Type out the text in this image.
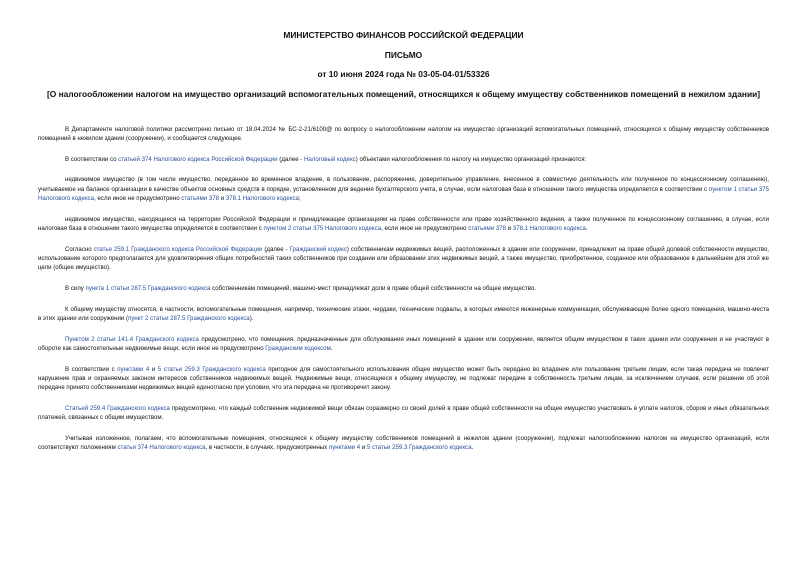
МИНИСТЕРСТВО ФИНАНСОВ РОССИЙСКОЙ ФЕДЕРАЦИИ
ПИСЬМО
от 10 июня 2024 года № 03-05-04-01/53326
[О налогообложении налогом на имущество организаций вспомогательных помещений, относящихся к общему имуществу собственников помещений в нежилом здании]
В Департаменте налоговой политики рассмотрено письмо от 18.04.2024 № БС-2-21/6100@ по вопросу о налогообложении налогом на имущество организаций вспомогательных помещений, относящихся к общему имуществу собственников помещений в нежилом здании (сооружении), и сообщается следующее.
В соответствии со статьей 374 Налогового кодекса Российской Федерации (далее - Налоговый кодекс) объектами налогообложения по налогу на имущество организаций признаются:
недвижимое имущество (в том числе имущество, переданное во временное владение, в пользование, распоряжение, доверительное управление, внесенное в совместную деятельность или полученное по концессионному соглашению), учитываемое на балансе организации в качестве объектов основных средств в порядке, установленном для ведения бухгалтерского учета, в случае, если налоговая база в отношении такого имущества определяется в соответствии с пунктом 1 статьи 375 Налогового кодекса, если иное не предусмотрено статьями 378 и 378.1 Налогового кодекса;
недвижимое имущество, находящееся на территории Российской Федерации и принадлежащее организациям на праве собственности или праве хозяйственного ведения, а также полученное по концессионному соглашению, в случае, если налоговая база в отношении такого имущества определяется в соответствии с пунктом 2 статьи 375 Налогового кодекса, если иное не предусмотрено статьями 378 и 378.1 Налогового кодекса.
Согласно статье 259.1 Гражданского кодекса Российской Федерации (далее - Гражданский кодекс) собственникам недвижимых вещей, расположенных в здании или сооружении, принадлежит на праве общей долевой собственности имущество, использование которого предполагается для удовлетворения общих потребностей таких собственников при создании или образовании этих недвижимых вещей, а также имущество, приобретенное, созданное или образованное в дальнейшем для этой же цели (общее имущество).
В силу пункта 1 статьи 287.5 Гражданского кодекса собственникам помещений, машино-мест принадлежат доли в праве общей собственности на общее имущество.
К общему имуществу относятся, в частности, вспомогательные помещения, например, технические этажи, чердаки, технические подвалы, в которых имеются инженерные коммуникации, обслуживающие более одного помещения, машино-места в этих здании или сооружении (пункт 2 статьи 287.5 Гражданского кодекса).
Пунктом 2 статьи 141.4 Гражданского кодекса предусмотрено, что помещения, предназначенные для обслуживания иных помещений в здании или сооружении, является общим имуществом в таких здании или сооружении и не участвуют в обороте как самостоятельные недвижимые вещи, если иное не предусмотрено Гражданским кодексом.
В соответствии с пунктами 4 и 5 статьи 259.3 Гражданского кодекса пригодное для самостоятельного использования общее имущество может быть передано во владение или пользование третьим лицам, если такая передача не повлечет нарушение прав и охраняемых законом интересов собственников недвижимых вещей. Недвижимые вещи, относящиеся к общему имуществу, не подлежат передаче в собственность третьим лицам, за исключением случаев, если решение об этой передаче принято собственниками недвижимых вещей единогласно при условии, что эта передача не противоречит закону.
Статьей 259.4 Гражданского кодекса предусмотрено, что каждый собственник недвижимой вещи обязан соразмерно со своей долей в праве общей собственности на общее имущество участвовать в уплате налогов, сборов и иных обязательных платежей, связанных с общим имуществом.
Учитывая изложенное, полагаем, что вспомогательные помещения, относящиеся к общему имуществу собственников помещений в нежилом здании (сооружении), подлежат налогообложению налогом на имущество организаций, если соответствуют положениям статьи 374 Налогового кодекса, в частности, в случаях, предусмотренных пунктами 4 и 5 статьи 259.3 Гражданского кодекса.
